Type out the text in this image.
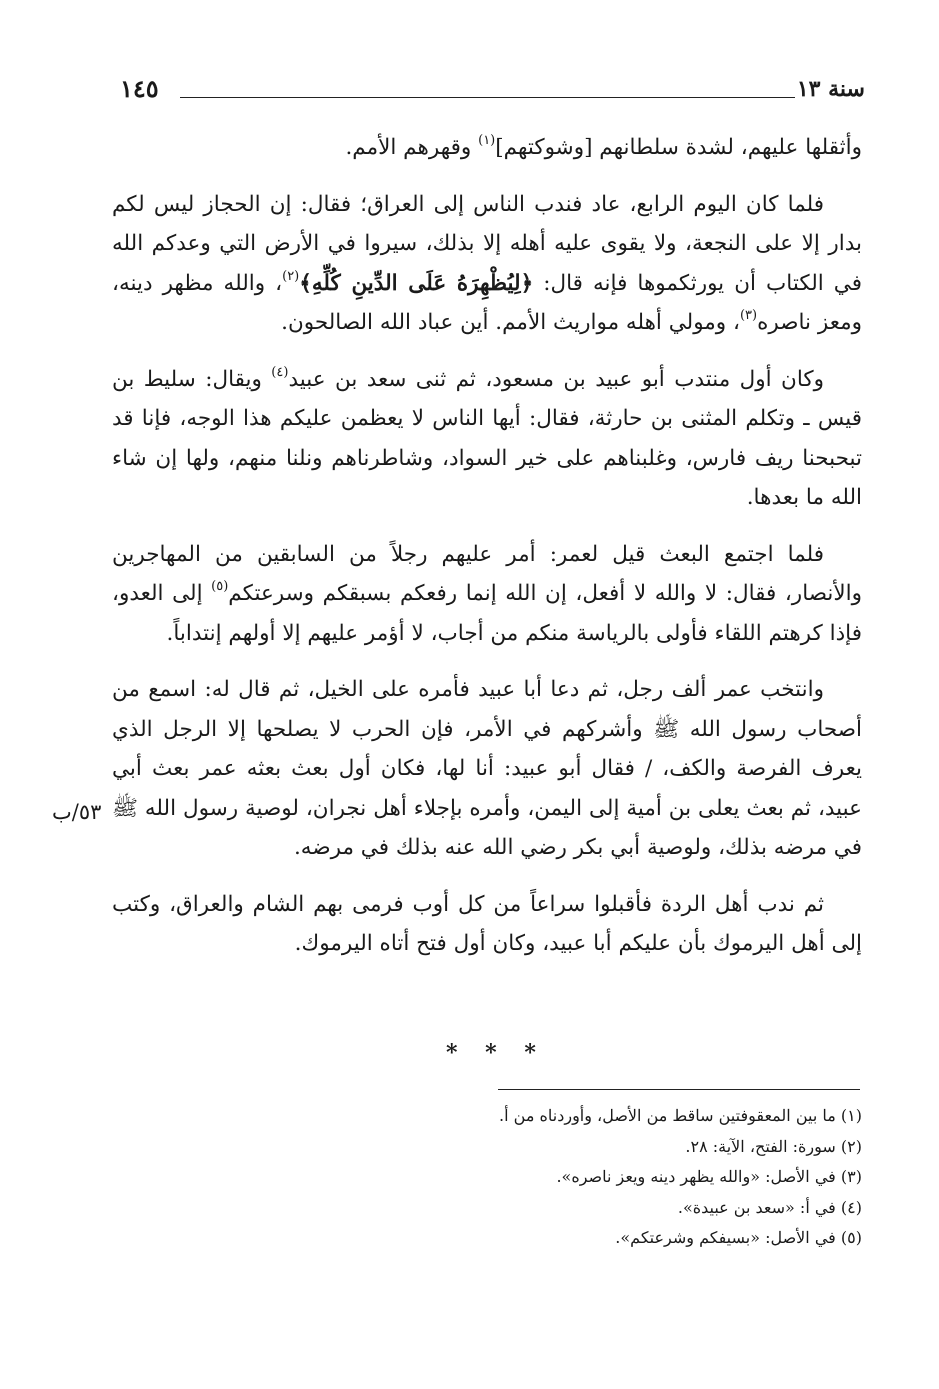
سنة ١٣
١٤٥
وأثقلها عليهم، لشدة سلطانهم [وشوكتهم]$^{(١)}$ وقهرهم الأمم.
فلما كان اليوم الرابع، عاد فندب الناس إلى العراق؛ فقال: إن الحجاز ليس لكم بدار إلا على النجعة، ولا يقوى عليه أهله إلا بذلك، سيروا في الأرض التي وعدكم الله في الكتاب أن يورثكموها فإنه قال: ﴿لِيُظْهِرَهُ عَلَى الدِّينِ كُلِّهِ﴾$^{(٢)}$، والله مظهر دينه، ومعز ناصره$^{(٣)}$، ومولي أهله مواريث الأمم. أين عباد الله الصالحون.
وكان أول منتدب أبو عبيد بن مسعود، ثم ثنى سعد بن عبيد$^{(٤)}$ ويقال: سليط بن قيس ـ وتكلم المثنى بن حارثة، فقال: أيها الناس لا يعظمن عليكم هذا الوجه، فإنا قد تبحبحنا ريف فارس، وغلبناهم على خير السواد، وشاطرناهم ونلنا منهم، ولها إن شاء الله ما بعدها.
فلما اجتمع البعث قيل لعمر: أمر عليهم رجلاً من السابقين من المهاجرين والأنصار، فقال: لا والله لا أفعل، إن الله إنما رفعكم بسبقكم وسرعتكم$^{(٥)}$ إلى العدو، فإذا كرهتم اللقاء فأولى بالرياسة منكم من أجاب، لا أؤمر عليهم إلا أولهم إنتداباً.
وانتخب عمر ألف رجل، ثم دعا أبا عبيد فأمره على الخيل، ثم قال له: اسمع من أصحاب رسول الله ﷺ وأشركهم في الأمر، فإن الحرب لا يصلحها إلا الرجل الذي يعرف الفرصة والكف، / فقال أبو عبيد: أنا لها، فكان أول بعث بعثه عمر بعث أبي عبيد، ثم بعث يعلى بن أمية إلى اليمن، وأمره بإجلاء أهل نجران، لوصية رسول الله ﷺ في مرضه بذلك، ولوصية أبي بكر رضي الله عنه بذلك في مرضه.
ثم ندب أهل الردة فأقبلوا سراعاً من كل أوب فرمى بهم الشام والعراق، وكتب إلى أهل اليرموك بأن عليكم أبا عبيد، وكان أول فتح أتاه اليرموك.
٥٣/ب
* * *

(١) ما بين المعقوفتين ساقط من الأصل، وأوردناه من أ.

(٢) سورة: الفتح، الآية: ٢٨.

(٣) في الأصل: «والله يظهر دينه ويعز ناصره».

(٤) في أ: «سعد بن عبيدة».

(٥) في الأصل: «بسيفكم وشرعتكم».
